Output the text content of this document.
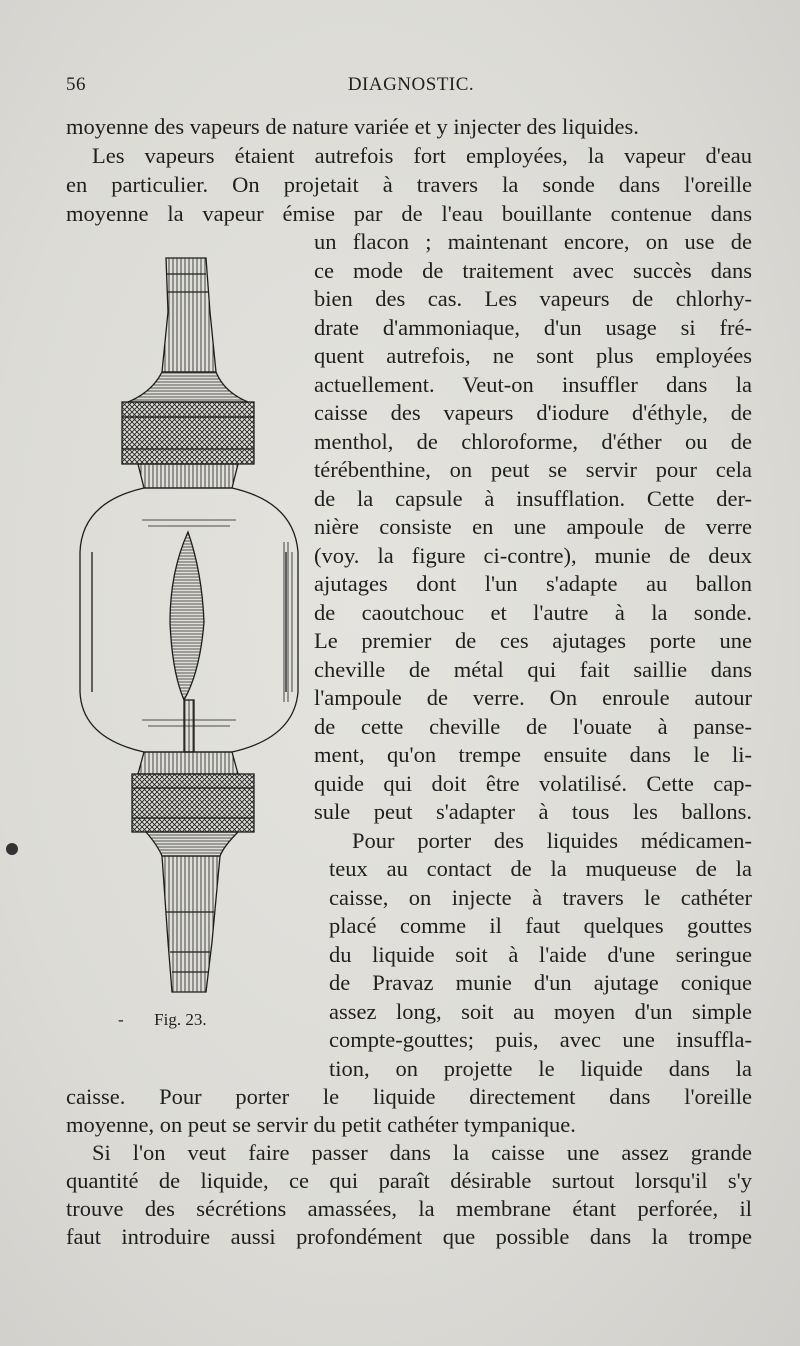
56	DIAGNOSTIC.
moyenne des vapeurs de nature variée et y injecter des liquides.
Les vapeurs étaient autrefois fort employées, la vapeur d'eau
en particulier. On projetait à travers la sonde dans l'oreille
moyenne la vapeur émise par de l'eau bouillante contenue dans
un flacon ; maintenant encore, on use de
ce mode de traitement avec succès dans
bien des cas. Les vapeurs de chlorhy-
drate d'ammoniaque, d'un usage si fré-
quent autrefois, ne sont plus employées
actuellement. Veut-on insuffler dans la
caisse des vapeurs d'iodure d'éthyle, de
menthol, de chloroforme, d'éther ou de
térébenthine, on peut se servir pour cela
de la capsule à insufflation. Cette der-
nière consiste en une ampoule de verre
(voy. la figure ci-contre), munie de deux
ajutages dont l'un s'adapte au ballon
de caoutchouc et l'autre à la sonde.
Le premier de ces ajutages porte une
cheville de métal qui fait saillie dans
l'ampoule de verre. On enroule autour
de cette cheville de l'ouate à panse-
ment, qu'on trempe ensuite dans le li-
quide qui doit être volatilisé. Cette cap-
sule peut s'adapter à tous les ballons.
Pour porter des liquides médicamen-
teux au contact de la muqueuse de la
caisse, on injecte à travers le cathéter
placé comme il faut quelques gouttes
du liquide soit à l'aide d'une seringue
de Pravaz munie d'un ajutage conique
assez long, soit au moyen d'un simple
compte-gouttes; puis, avec une insuffla-
tion, on projette le liquide dans la
caisse. Pour porter le liquide directement dans l'oreille
moyenne, on peut se servir du petit cathéter tympanique.
Si l'on veut faire passer dans la caisse une assez grande
quantité de liquide, ce qui paraît désirable surtout lorsqu'il s'y
trouve des sécrétions amassées, la membrane étant perforée, il
faut introduire aussi profondément que possible dans la trompe
- Fig. 23.
